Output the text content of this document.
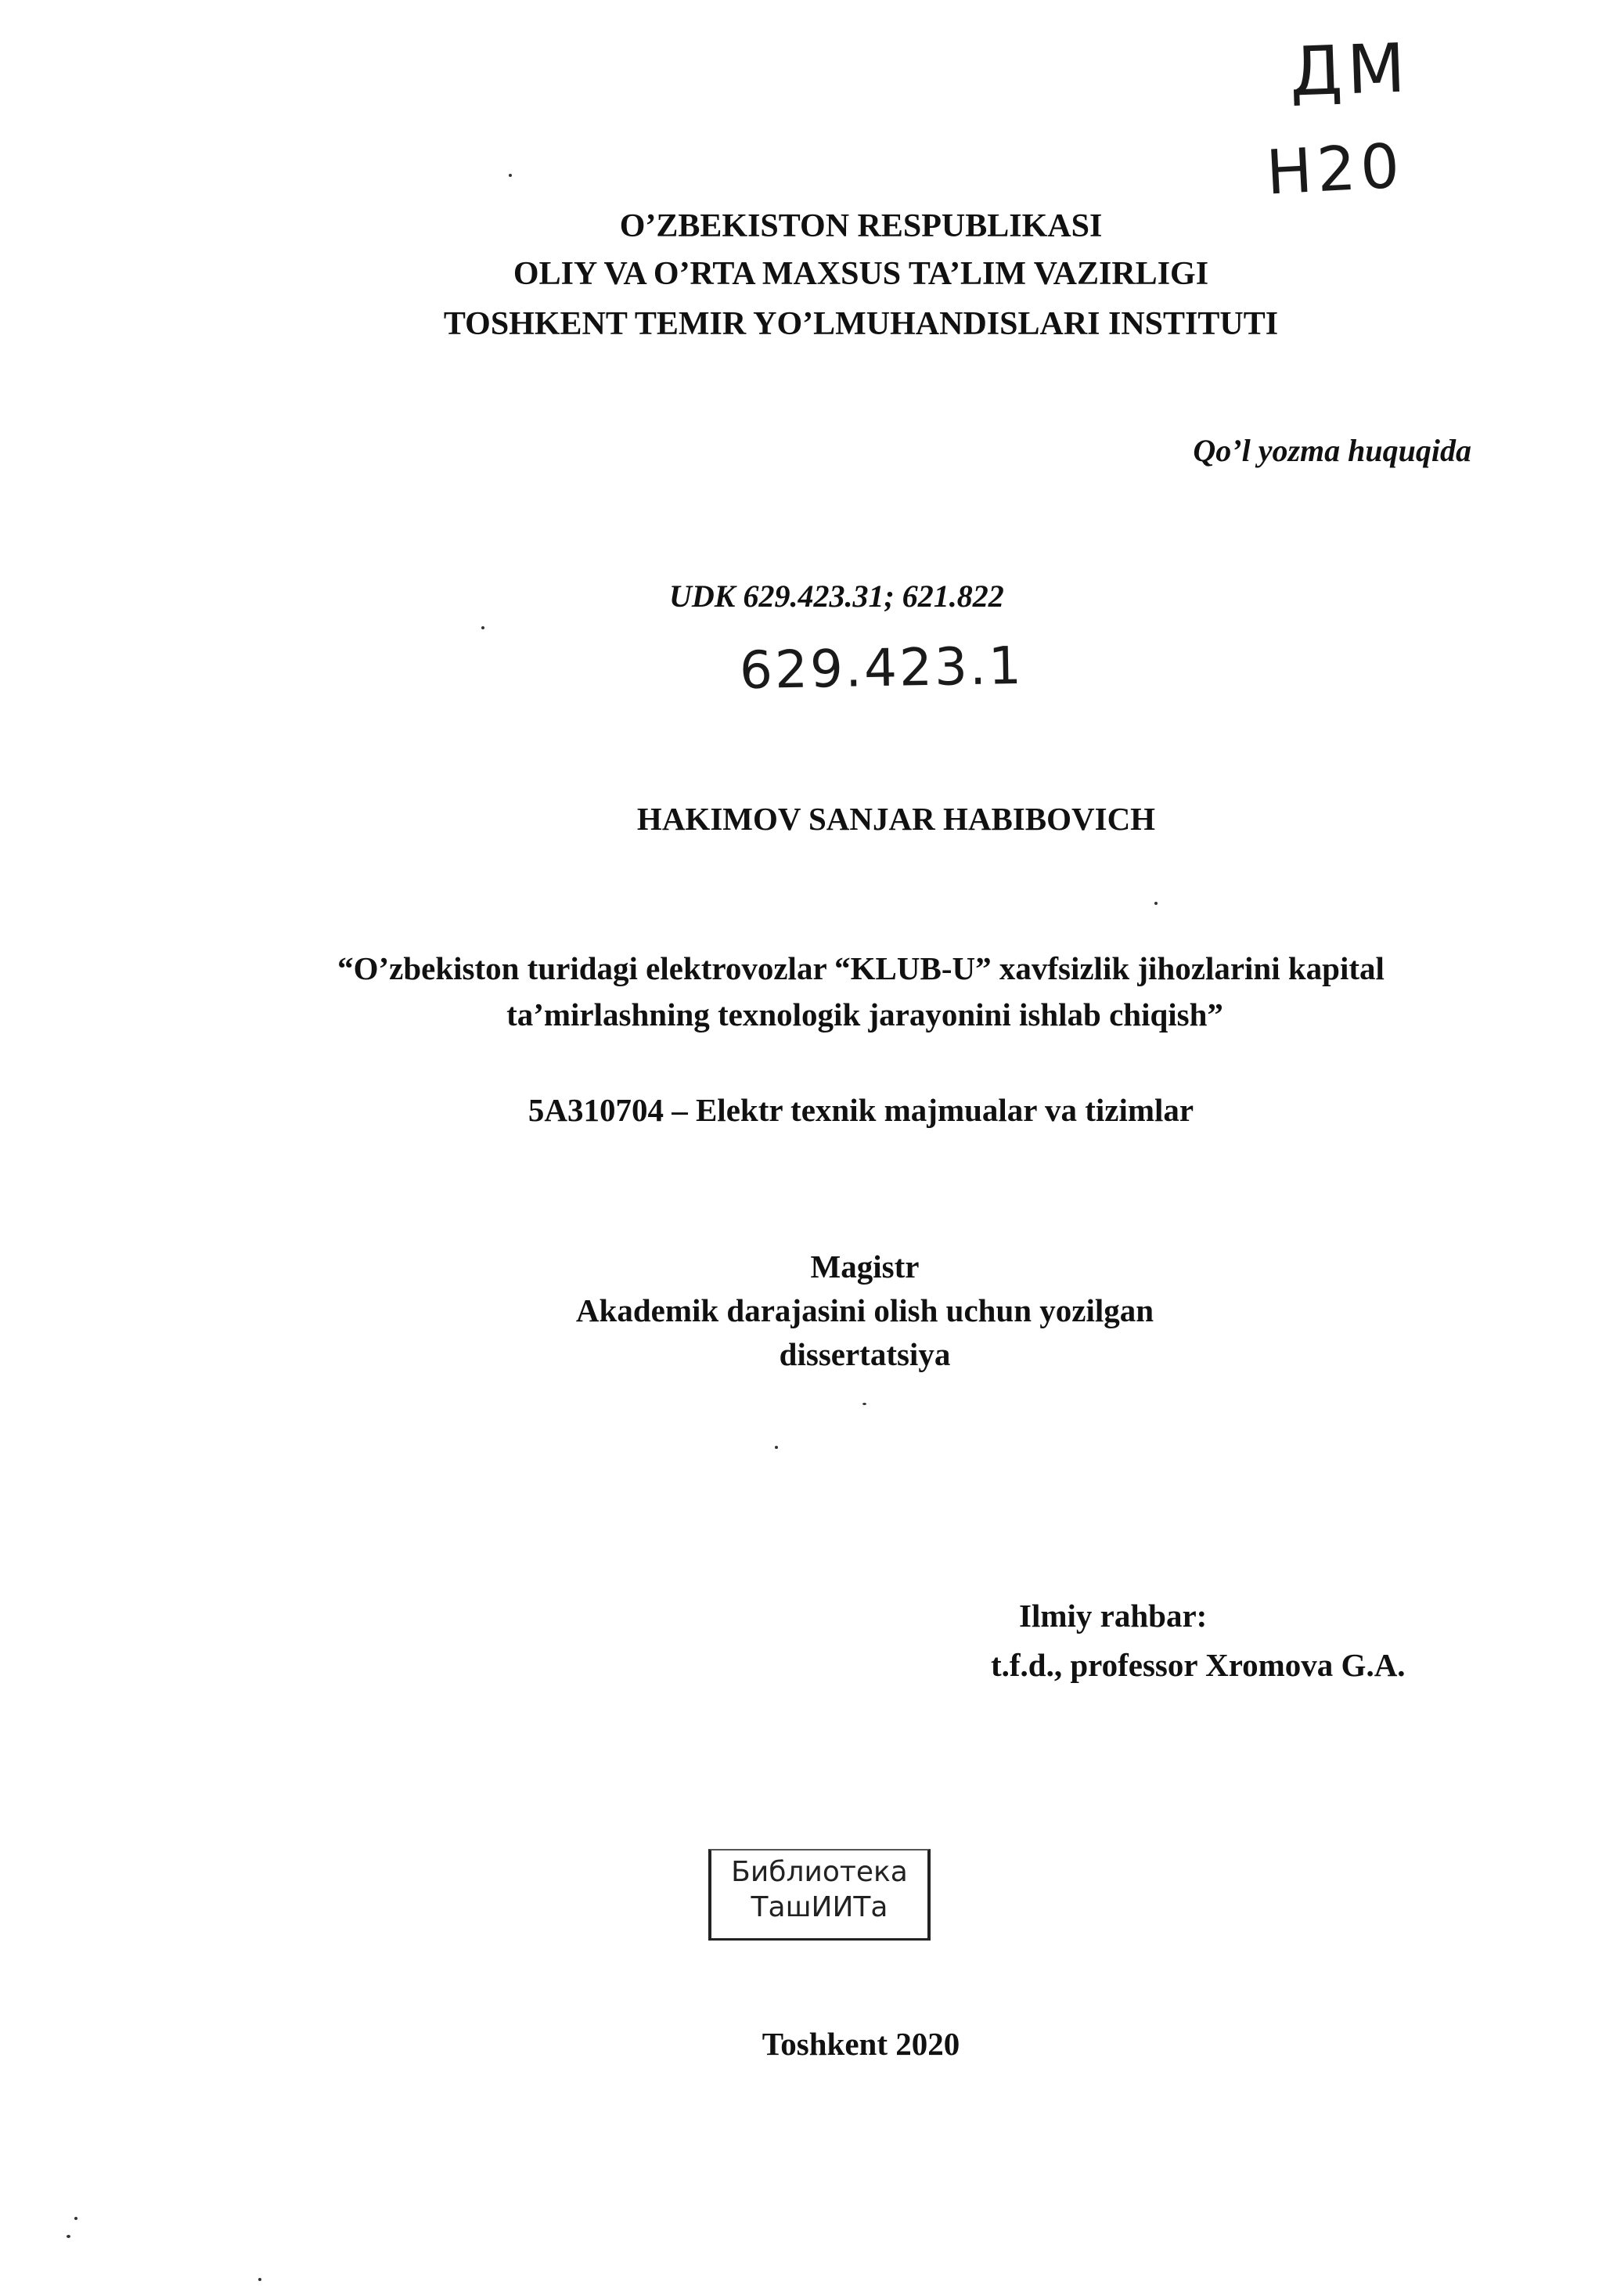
ДМ
Н20
O’ZBEKISTON RESPUBLIKASI
OLIY VA O’RTA MAXSUS TA’LIM VAZIRLIGI
TOSHKENT TEMIR YO’LMUHANDISLARI INSTITUTI
Qo’l yozma huquqida
UDK 629.423.31; 621.822
629.423.1
HAKIMOV SANJAR HABIBOVICH
“O’zbekiston turidagi elektrovozlar “KLUB-U” xavfsizlik jihozlarini kapital
ta’mirlashning texnologik jarayonini ishlab chiqish”
5A310704 – Elektr texnik majmualar va tizimlar
Magistr
Akademik darajasini olish uchun yozilgan
dissertatsiya
Ilmiy rahbar:
t.f.d., professor Xromova G.A.
Библиотека
ТашИИТа
Toshkent 2020
